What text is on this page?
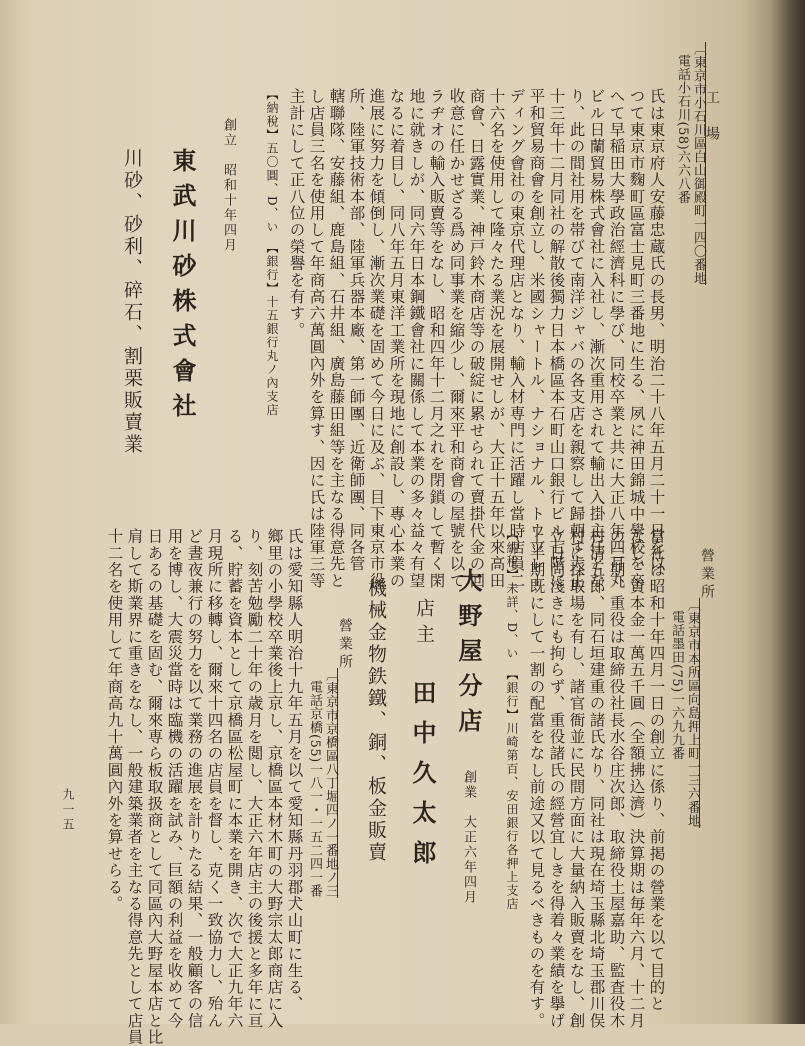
工　場
〔東京市小石川區白山御殿町一四〇番地
電話小石川(58)六六八番
氏は東京府人安藤忠蔵氏の長男、明治二十八年五月二十一日を以
つて東京市麴町區富士見町三番地に生る、夙に神田錦城中學校を卒
へて早稲田大學政治經濟科に學び、同校卒業と共に大正八年四月丸
ビル日蘭貿易株式會社に入社し、漸次重用されて輸出入掛主任とな
り、此の間社用を帯びて南洋ジャバの各支店を親察して歸朝す大正
十三年十二月同社の解散後獨力日本橋區本石町山口銀行ビル七階に
平和貿易商會を創立し、米國シャートル、ナショナル、トウツレー
ディング會社の東京代理店となり、輸入材専門に活躍し當時店員二
十六名を使用して隆々たる業況を展開せしが、大正十五年以來高田
商會、日露實業、神戸鈴木商店等の破綻に累せられて賣掛代金の回
收意に任かせざる爲め同事業を縮少し、爾來平和商會の屋號を以て
ラヂオの輸入販賣等をなし、昭和四年十二月之れを閉鎖して暫く閑
地に就きしが、同六年日本鋼鐵會社に關係して本業の多々益々有望
なるに着目し、同八年五月東洋工業所を現地に創設し、專心本業の
進展に努力を傾倒し、漸次業礎を固めて今日に及ぶ、目下東京市役
所、陸軍技術本部、陸軍兵器本廠、第一師團、近衛師團、同各管
轄聯隊、安藤組、鹿島組、石井組、廣島藤田組等を主なる得意先と
し店員三名を使用して年商高六萬圓內外を算す、因に氏は陸軍三等
主計にして正八位の榮譽を有す。
【納稅】五〇圓、D、い　【銀行】十五銀行丸ノ內支店
創立　昭和十年四月
東武川砂株式會社
川砂、砂利、碎石、割栗販賣業
營業所
〔東京市本所區向島押上町一三六番地
電話墨田(75)一六九九番
當社は昭和十年四月一日の創立に係り、前掲の營業を以て目的と
なし、資本金一萬五千圓（全額拂込濟）決算期は毎年六月、十二月
の二期、重役は取締役社長水谷庄次郎、取締役土屋嘉助、監査役木
村清五郎、同石垣建重の諸氏なり、同社は現在埼玉縣北埼玉郡川俣
村に採取場を有し、諸官衙並に民間方面に大量納入販賣をなし、創
立日尚淺きにも拘らず、重役諸氏の經營宜しきを得着々業績を擧げ
上半期既にして一割の配當をなし前途又以て見るべきものを有す。
【納稅】未詳、D、い　【銀行】川崎第百、安田銀行各押上支店
大野屋分店
創業　大正六年四月
店主
田中久太郎
機械金物鉄鐵、銅、板金販賣
營業所
〔東京市京橋區八丁堀四ノ一番地ノ三
電話京橋(55)一八一・一五二四一番
氏は愛知縣人明治十九年五月を以て愛知縣丹羽郡犬山町に生る、
鄉里の小學校卒業後上京し、京橋區本材木町の大野宗太郎商店に入
り、刻苦勉勵二十年の歳月を閲し、大正六年店主の後援と多年に亘
る、貯蓄を資本として京橋區松屋町に本業を開き、次で大正九年六
月現所に移轉し、爾來十四名の店員を督し、克く一致協力し、殆ん
ど晝夜兼行の努力を以て業務の進展を計りたる結果、一般顧客の信
用を博し、大震災當時は臨機の活躍を試み、巨額の利益を收めて今
日あるの基礎を固む、爾來専ら板取扱商として同區內大野屋本店と比
肩して斯業界に重きをなし、一般建築業者を主なる得意先として店員
十二名を使用して年商高九十萬圓內外を算せらる。
九一五
